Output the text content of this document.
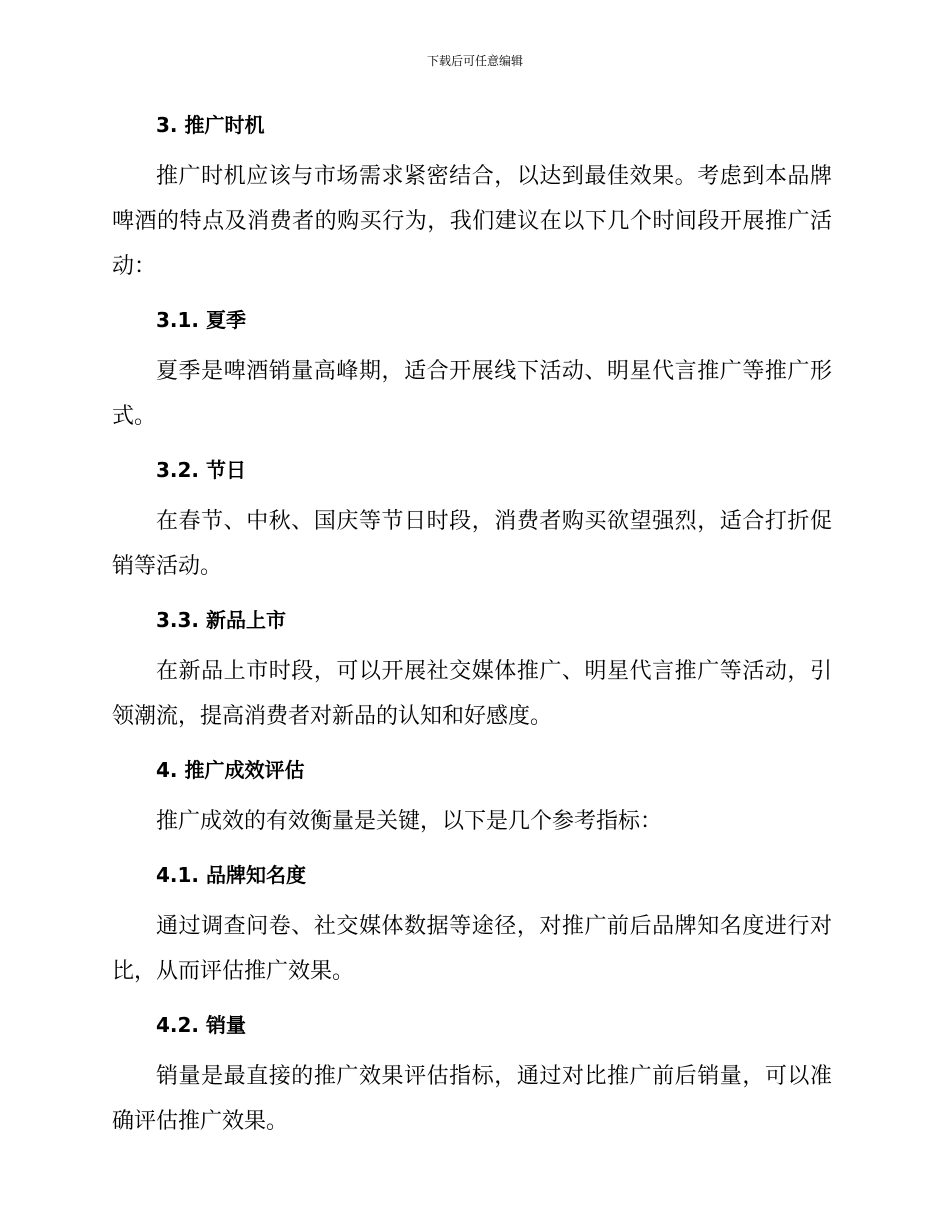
下载后可任意编辑
3. 推广时机

推广时机应该与市场需求紧密结合，以达到最佳效果。考虑到本品牌啤酒的特点及消费者的购买行为，我们建议在以下几个时间段开展推广活动：

3.1. 夏季

夏季是啤酒销量高峰期，适合开展线下活动、明星代言推广等推广形式。

3.2. 节日

在春节、中秋、国庆等节日时段，消费者购买欲望强烈，适合打折促销等活动。

3.3. 新品上市

在新品上市时段，可以开展社交媒体推广、明星代言推广等活动，引领潮流，提高消费者对新品的认知和好感度。

4. 推广成效评估

推广成效的有效衡量是关键，以下是几个参考指标：

4.1. 品牌知名度

通过调查问卷、社交媒体数据等途径，对推广前后品牌知名度进行对比，从而评估推广效果。

4.2. 销量

销量是最直接的推广效果评估指标，通过对比推广前后销量，可以准确评估推广效果。
